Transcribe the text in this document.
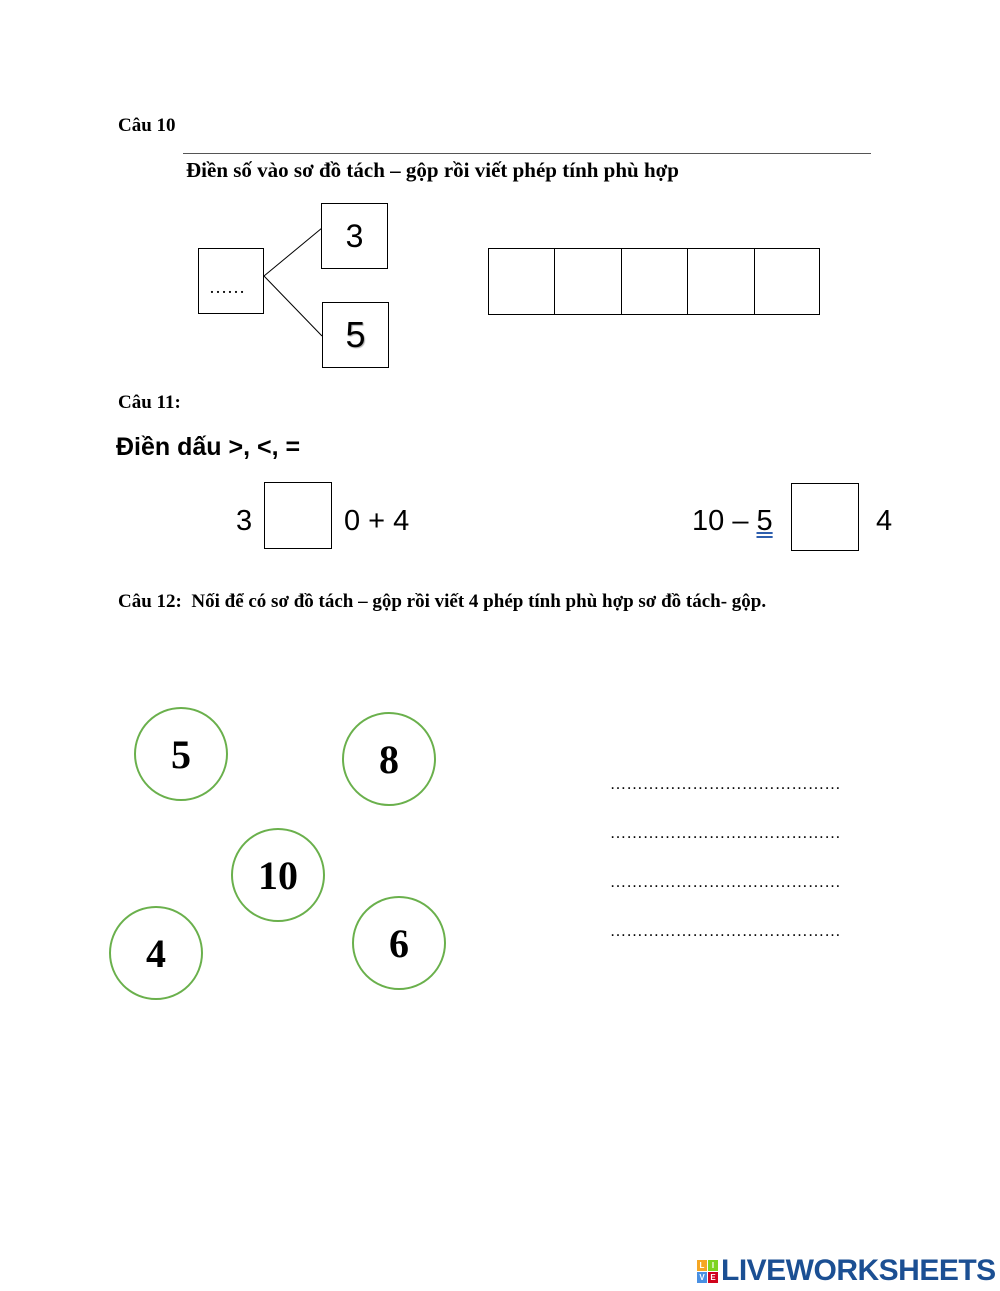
Câu 10
Điền số vào sơ đồ tách – gộp rồi viết phép tính phù hợp
……
3
5
Câu 11:
Điền dấu >, <, =
3	0 + 4	10 – 5	4
Câu 12: Nối để có sơ đồ tách – gộp rồi viết 4 phép tính phù hợp sơ đồ tách- gộp.
5	8
10
4	6
……………………………………
……………………………………
……………………………………
……………………………………
L I
V E LIVEWORKSHEETS
